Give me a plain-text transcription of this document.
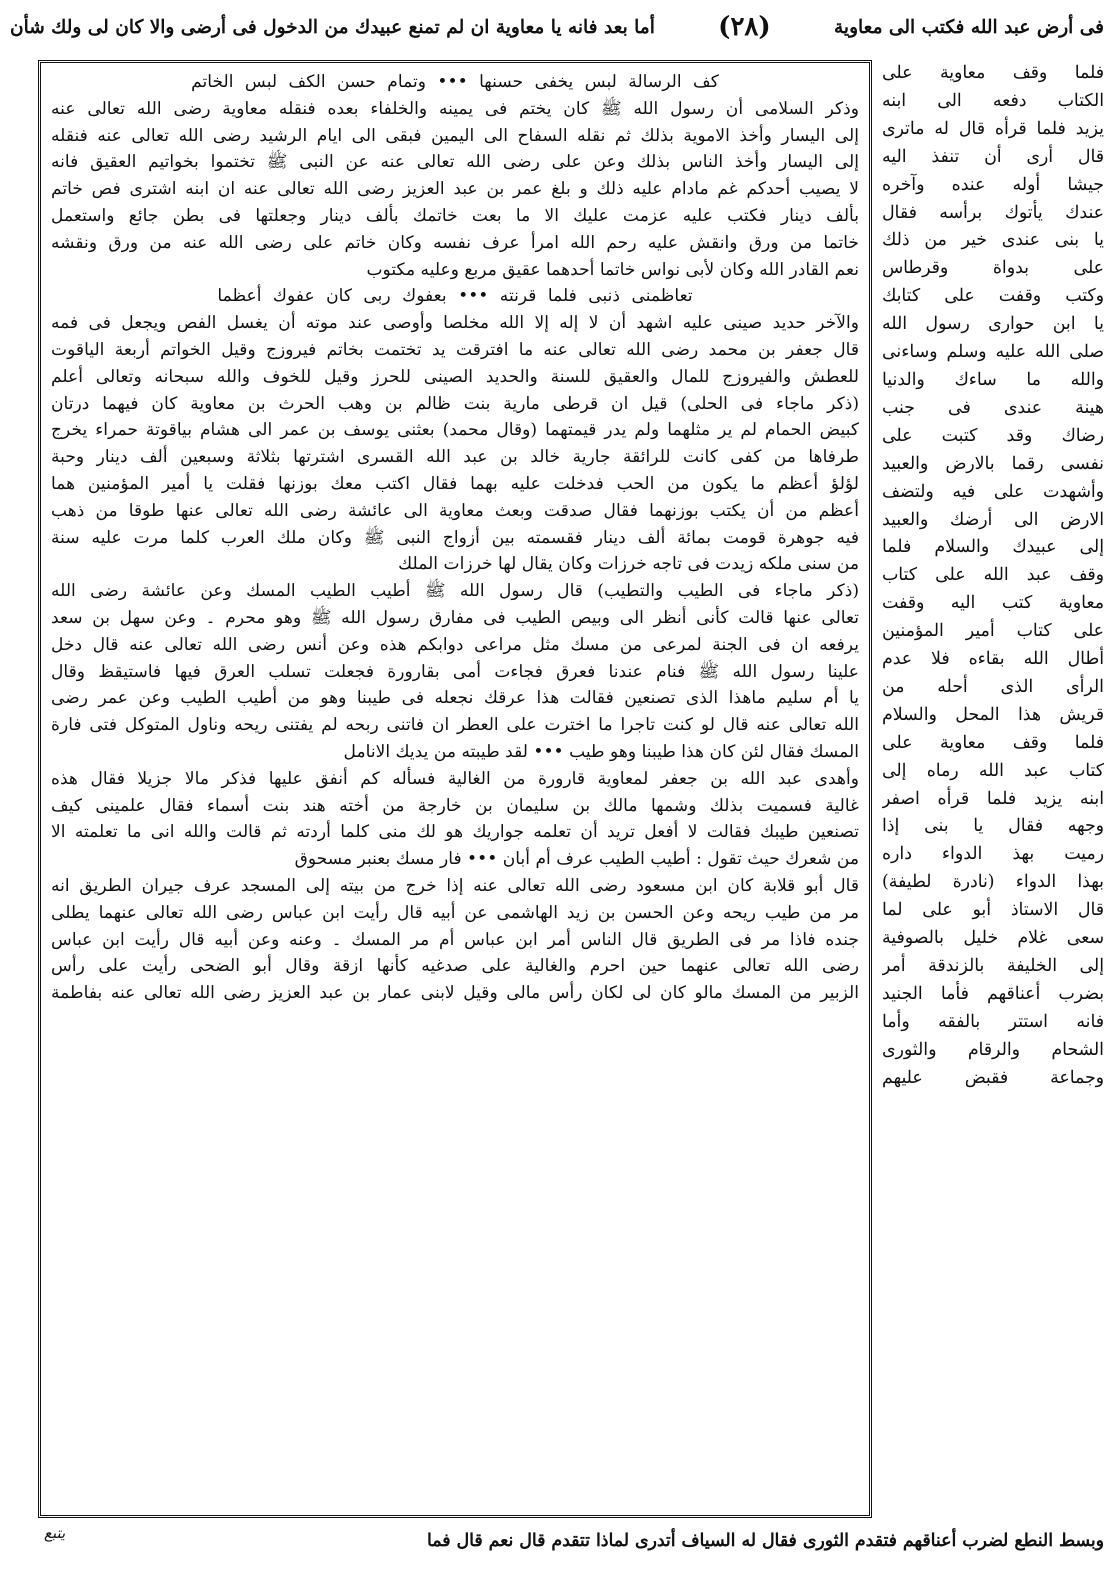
فى أرض عبد الله فكتب الى معاوية
(٢٨)
أما بعد فانه يا معاوية ان لم تمنع عبيدك من الدخول فى أرضى والا كان لى ولك شأن

كف الرسالة لبس يخفى حسنها ••• وتمام حسن الكف لبس الخاتم

وذكر السلامى أن رسول الله ﷺ كان يختم فى يمينه والخلفاء بعده فنقله معاوية رضى الله تعالى عنه

إلى اليسار وأخذ الاموية بذلك ثم نقله السفاح الى اليمين فبقى الى ايام الرشيد رضى الله تعالى عنه فنقله

إلى اليسار وأخذ الناس بذلك وعن على رضى الله تعالى عنه عن النبى ﷺ تختموا بخواتيم العقيق فانه

لا يصيب أحدكم غم مادام عليه ذلك و بلغ عمر بن عبد العزيز رضى الله تعالى عنه ان ابنه اشترى فص خاتم

بألف دينار فكتب عليه عزمت عليك الا ما بعت خاتمك بألف دينار وجعلتها فى بطن جائع واستعمل

خاتما من ورق وانقش عليه رحم الله امرأ عرف نفسه وكان خاتم على رضى الله عنه من ورق ونقشه

نعم القادر الله وكان لأبى نواس خاتما أحدهما عقيق مربع وعليه مكتوب

تعاظمنى ذنبى فلما قرنته ••• بعفوك ربى كان عفوك أعظما

والآخر حديد صينى عليه اشهد أن لا إله إلا الله مخلصا وأوصى عند موته أن يغسل الفص ويجعل فى فمه

قال جعفر بن محمد رضى الله تعالى عنه ما افترقت يد تختمت بخاتم فيروزج وقيل الخواتم أربعة الياقوت

للعطش والفيروزج للمال والعقيق للسنة والحديد الصينى للحرز وقيل للخوف والله سبحانه وتعالى أعلم

(ذكر ماجاء فى الحلى) قيل ان قرطى مارية بنت ظالم بن وهب الحرث بن معاوية كان فيهما درتان

كبيض الحمام لم ير مثلهما ولم يدر قيمتهما (وقال محمد) بعثنى يوسف بن عمر الى هشام بياقوتة حمراء يخرج

طرفاها من كفى كانت للرائقة جارية خالد بن عبد الله القسرى اشترتها بثلاثة وسبعين ألف دينار وحبة

لؤلؤ أعظم ما يكون من الحب فدخلت عليه بهما فقال اكتب معك بوزنها فقلت يا أمير المؤمنين هما

أعظم من أن يكتب بوزنهما فقال صدقت وبعث معاوية الى عائشة رضى الله تعالى عنها طوقا من ذهب

فيه جوهرة قومت بمائة ألف دينار فقسمته بين أزواج النبى ﷺ وكان ملك العرب كلما مرت عليه سنة

من سنى ملكه زيدت فى تاجه خرزات وكان يقال لها خرزات الملك

(ذكر ماجاء فى الطيب والتطيب) قال رسول الله ﷺ أطيب الطيب المسك وعن عائشة رضى الله

تعالى عنها قالت كأنى أنظر الى وبيص الطيب فى مفارق رسول الله ﷺ وهو محرم ۔ وعن سهل بن سعد

يرفعه ان فى الجنة لمرعى من مسك مثل مراعى دوابكم هذه وعن أنس رضى الله تعالى عنه قال دخل

علينا رسول الله ﷺ فنام عندنا فعرق فجاءت أمى بقارورة فجعلت تسلب العرق فيها فاستيقظ وقال

يا أم سليم ماهذا الذى تصنعين فقالت هذا عرقك نجعله فى طيبنا وهو من أطيب الطيب وعن عمر رضى

الله تعالى عنه قال لو كنت تاجرا ما اخترت على العطر ان فاتنى ربحه لم يفتنى ريحه وناول المتوكل فتى فارة

المسك فقال لئن كان هذا طيبنا وهو طيب ••• لقد طيبته من يديك الانامل

وأهدى عبد الله بن جعفر لمعاوية قارورة من الغالية فسأله كم أنفق عليها فذكر مالا جزيلا فقال هذه

غالية فسميت بذلك وشمها مالك بن سليمان بن خارجة من أخته هند بنت أسماء فقال علمينى كيف

تصنعين طيبك فقالت لا أفعل تريد أن تعلمه جواريك هو لك منى كلما أردته ثم قالت والله انى ما تعلمته الا

من شعرك حيث تقول : أطيب الطيب عرف أم أبان ••• فار مسك بعنبر مسحوق

قال أبو قلابة كان ابن مسعود رضى الله تعالى عنه إذا خرج من بيته إلى المسجد عرف جيران الطريق انه

مر من طيب ريحه وعن الحسن بن زيد الهاشمى عن أبيه قال رأيت ابن عباس رضى الله تعالى عنهما يطلى

جنده فاذا مر فى الطريق قال الناس أمر ابن عباس أم مر المسك ۔ وعنه وعن أبيه قال رأيت ابن عباس

رضى الله تعالى عنهما حين احرم والغالية على صدغيه كأنها ازقة وقال أبو الضحى رأيت على رأس

الزبير من المسك مالو كان لى لكان رأس مالى وقيل لابنى عمار بن عبد العزيز رضى الله تعالى عنه بفاطمة

فلما وقف معاوية على

الكتاب دفعه الى ابنه

يزيد فلما قرأه قال له ماترى

قال أرى أن تنفذ اليه

جيشا أوله عنده وآخره

عندك يأتوك برأسه فقال

يا بنى عندى خير من ذلك

على بدواة وقرطاس

وكتب وقفت على كتابك

يا ابن حوارى رسول الله

صلى الله عليه وسلم وساءنى

والله ما ساءك والدنيا

هينة عندى فى جنب

رضاك وقد كتبت على

نفسى رقما بالارض والعبيد

وأشهدت على فيه ولتضف

الارض الى أرضك والعبيد

إلى عبيدك والسلام فلما

وقف عبد الله على كتاب

معاوية كتب اليه وقفت

على كتاب أمير المؤمنين

أطال الله بقاءه فلا عدم

الرأى الذى أحله من

قريش هذا المحل والسلام

فلما وقف معاوية على

كتاب عبد الله رماه إلى

ابنه يزيد فلما قرأه اصفر

وجهه فقال يا بنى إذا

رميت بهذ الدواء داره

بهذا الدواء (نادرة لطيفة)

قال الاستاذ أبو على لما

سعى غلام خليل بالصوفية

إلى الخليفة بالزندقة أمر

بضرب أعناقهم فأما الجنيد

فانه استتر بالفقه وأما

الشحام والرقام والثورى

وجماعة فقبض عليهم

وبسط النطع لضرب أعناقهم فتقدم الثورى فقال له السياف أتدرى لماذا تتقدم قال نعم قال فما
يتبع
